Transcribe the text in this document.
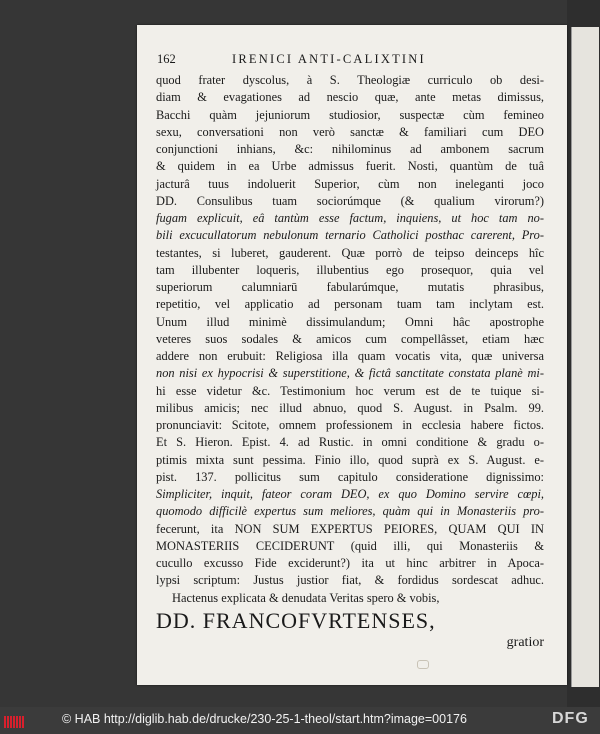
162	IRENICI ANTI-CALIXTINI
quod frater dyscolus, à S. Theologiæ curriculo ob desi-
diam & evagationes ad nescio quæ, ante metas dimissus,
Bacchi quàm jejuniorum studiosior, suspectæ cùm femineo
sexu, conversationi non verò sanctæ & familiari cum DEO
conjunctioni inhians, &c: nihilominus ad ambonem sacrum
& quidem in ea Urbe admissus fuerit. Nosti, quantùm de tuâ
jacturâ tuus indoluerit Superior, cùm non ineleganti joco
DD. Consulibus tuam sociorúmque (& qualium virorum?)
fugam explicuit, eâ tantùm esse factum, inquiens, ut hoc tam no-
bili excucullatorum nebulonum ternario Catholici posthac carerent, Pro-
testantes, si luberet, gauderent. Quæ porrò de teipso deinceps hîc
tam illubenter loqueris, illubentius ego prosequor, quia vel
superiorum calumniarū fabularúmque, mutatis phrasibus,
repetitio, vel applicatio ad personam tuam tam inclytam est.
Unum illud minimè dissimulandum; Omni hâc apostrophe
veteres suos sodales & amicos cum compellâsset, etiam hæc
addere non erubuit: Religiosa illa quam vocatis vita, quæ universa
non nisi ex hypocrisi & superstitione, & fictâ sanctitate constata planè mi-
hi esse videtur &c. Testimonium hoc verum est de te tuique si-
milibus amicis; nec illud abnuo, quod S. August. in Psalm. 99.
pronunciavit: Scitote, omnem professionem in ecclesia habere fictos.
Et S. Hieron. Epist. 4. ad Rustic. in omni conditione & gradu o-
ptimis mixta sunt pessima. Finio illo, quod suprà ex S. August. e-
pist. 137. pollicitus sum capitulo consideratione dignissimo:
Simpliciter, inquit, fateor coram DEO, ex quo Domino servire cœpi,
quomodo difficilè expertus sum meliores, quàm qui in Monasteriis pro-
fecerunt, ita NON SUM EXPERTUS PEIORES, QUAM QUI IN
MONASTERIIS CECIDERUNT (quid illi, qui Monasteriis &
cucullo excusso Fide exciderunt?) ita ut hinc arbitrer in Apoca-
lypsi scriptum: Justus justior fiat, & fordidus sordescat adhuc.
Hactenus explicata & denudata Veritas spero & vobis,
DD. FRANCOFVRTENSES,
gratior
© HAB http://diglib.hab.de/drucke/230-25-1-theol/start.htm?image=00176	DFG
